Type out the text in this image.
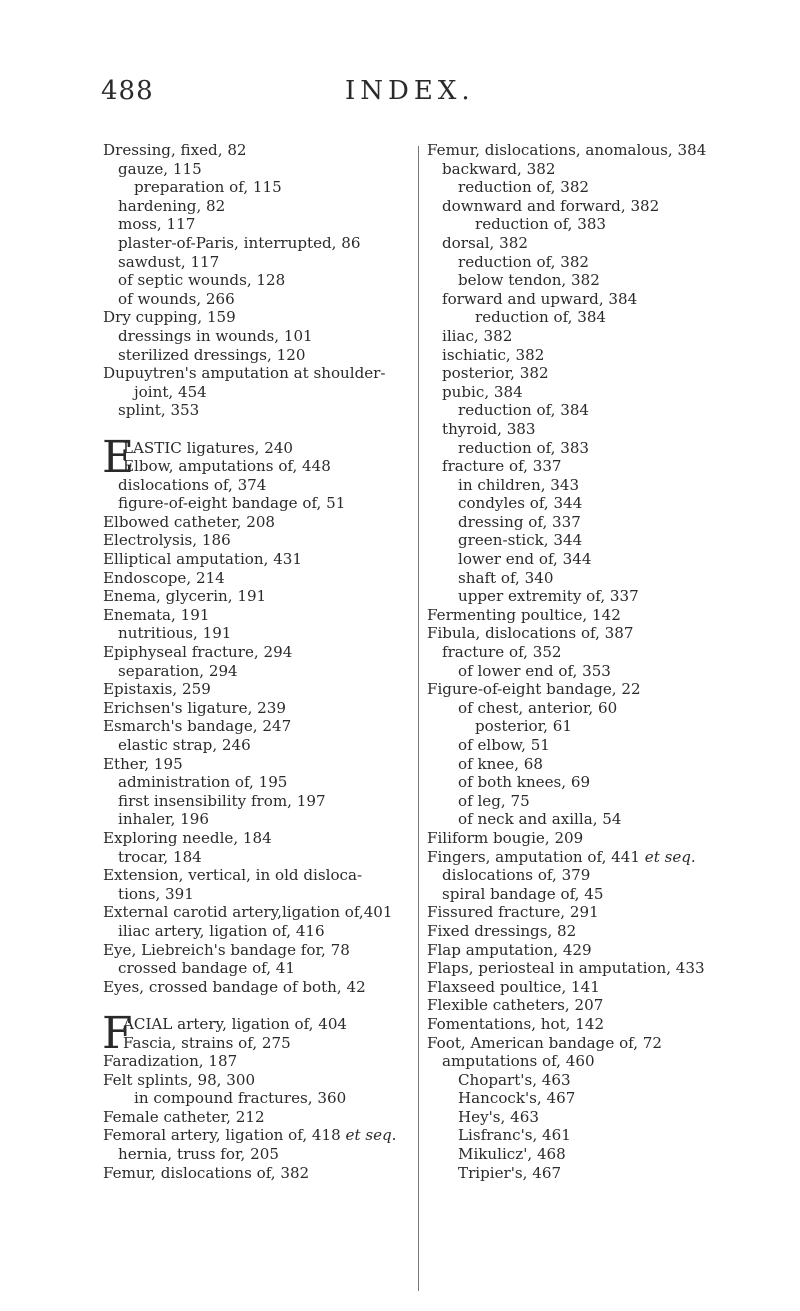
488	INDEX.
Dressing, fixed, 82
gauze, 115
preparation of, 115
hardening, 82
moss, 117
plaster-of-Paris, interrupted, 86
sawdust, 117
of septic wounds, 128
of wounds, 266
Dry cupping, 159
dressings in wounds, 101
sterilized dressings, 120
Dupuytren's amputation at shoulder-
joint, 454
splint, 353
E
LASTIC ligatures, 240
Elbow, amputations of, 448
dislocations of, 374
figure-of-eight bandage of, 51
Elbowed catheter, 208
Electrolysis, 186
Elliptical amputation, 431
Endoscope, 214
Enema, glycerin, 191
Enemata, 191
nutritious, 191
Epiphyseal fracture, 294
separation, 294
Epistaxis, 259
Erichsen's ligature, 239
Esmarch's bandage, 247
elastic strap, 246
Ether, 195
administration of, 195
first insensibility from, 197
inhaler, 196
Exploring needle, 184
trocar, 184
Extension, vertical, in old disloca-
tions, 391
External carotid artery,ligation of,401
iliac artery, ligation of, 416
Eye, Liebreich's bandage for, 78
crossed bandage of, 41
Eyes, crossed bandage of both, 42
F
ACIAL artery, ligation of, 404
Fascia, strains of, 275
Faradization, 187
Felt splints, 98, 300
in compound fractures, 360
Female catheter, 212
Femoral artery, ligation of, 418 et seq.
hernia, truss for, 205
Femur, dislocations of, 382
Femur, dislocations, anomalous, 384
backward, 382
reduction of, 382
downward and forward, 382
reduction of, 383
dorsal, 382
reduction of, 382
below tendon, 382
forward and upward, 384
reduction of, 384
iliac, 382
ischiatic, 382
posterior, 382
pubic, 384
reduction of, 384
thyroid, 383
reduction of, 383
fracture of, 337
in children, 343
condyles of, 344
dressing of, 337
green-stick, 344
lower end of, 344
shaft of, 340
upper extremity of, 337
Fermenting poultice, 142
Fibula, dislocations of, 387
fracture of, 352
of lower end of, 353
Figure-of-eight bandage, 22
of chest, anterior, 60
posterior, 61
of elbow, 51
of knee, 68
of both knees, 69
of leg, 75
of neck and axilla, 54
Filiform bougie, 209
Fingers, amputation of, 441 et seq.
dislocations of, 379
spiral bandage of, 45
Fissured fracture, 291
Fixed dressings, 82
Flap amputation, 429
Flaps, periosteal in amputation, 433
Flaxseed poultice, 141
Flexible catheters, 207
Fomentations, hot, 142
Foot, American bandage of, 72
amputations of, 460
Chopart's, 463
Hancock's, 467
Hey's, 463
Lisfranc's, 461
Mikulicz', 468
Tripier's, 467
